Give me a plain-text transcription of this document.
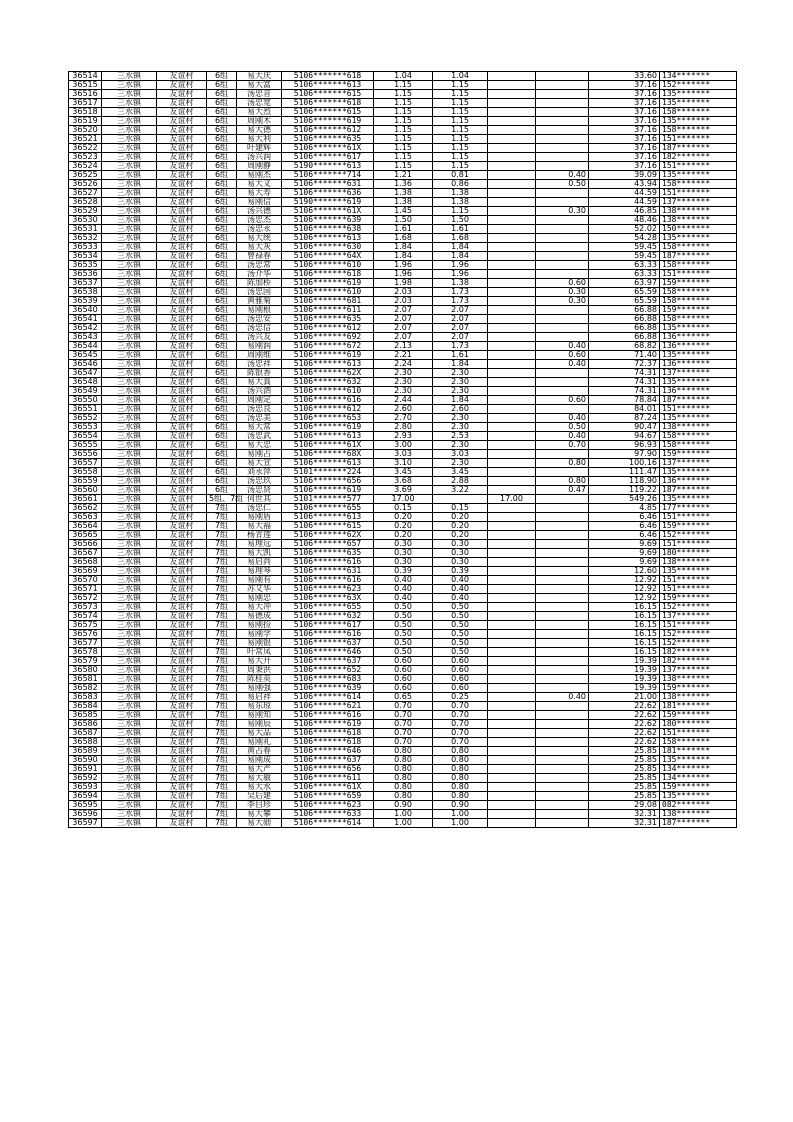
36514	三水镇	友谊村	6组	易大庆	5106*******618	1.04	1.04			33.60	134*******
36515	三水镇	友谊村	6组	易大富	5106*******613	1.15	1.15			37.16	152*******
36516	三水镇	友谊村	6组	汤忠音	5106*******615	1.15	1.15			37.16	135*******
36517	三水镇	友谊村	6组	汤忠宽	5106*******618	1.15	1.15			37.16	135*******
36518	三水镇	友谊村	6组	易大烈	5106*******615	1.15	1.15			37.16	158*******
36519	三水镇	友谊村	6组	周刚木	5106*******619	1.15	1.15			37.16	135*******
36520	三水镇	友谊村	6组	易大德	5106*******612	1.15	1.15			37.16	158*******
36521	三水镇	友谊村	6组	易大利	5106*******635	1.15	1.15			37.16	151*******
36522	三水镇	友谊村	6组	叶建辉	5106*******61X	1.15	1.15			37.16	187*******
36523	三水镇	友谊村	6组	汤兴润	5106*******617	1.15	1.15			37.16	182*******
36524	三水镇	友谊村	6组	周刚静	5190*******613	1.15	1.15			37.16	151*******
36525	三水镇	友谊村	6组	易刚杰	5106*******714	1.21	0.81		0.40	39.09	135*******
36526	三水镇	友谊村	6组	易大义	5106*******631	1.36	0.86		0.50	43.94	158*******
36527	三水镇	友谊村	6组	易大寿	5106*******636	1.38	1.38			44.59	151*******
36528	三水镇	友谊村	6组	易刚信	5190*******619	1.38	1.38			44.59	137*******
36529	三水镇	友谊村	6组	汤兴德	5106*******61X	1.45	1.15		0.30	46.85	138*******
36530	三水镇	友谊村	6组	汤忠杰	5106*******639	1.50	1.50			48.46	138*******
36531	三水镇	友谊村	6组	汤忠永	5106*******638	1.61	1.61			52.02	150*******
36532	三水镇	友谊村	6组	易大统	5106*******613	1.68	1.68			54.28	135*******
36533	三水镇	友谊村	6组	易大灰	5106*******630	1.84	1.84			59.45	158*******
36534	三水镇	友谊村	6组	曾禄春	5106*******64X	1.84	1.84			59.45	187*******
36535	三水镇	友谊村	6组	汤忠常	5106*******610	1.96	1.96			63.33	158*******
36536	三水镇	友谊村	6组	汤介华	5106*******618	1.96	1.96			63.33	151*******
36537	三水镇	友谊村	6组	陈加桥	5106*******619	1.98	1.38		0.60	63.97	159*******
36538	三水镇	友谊村	6组	汤忠国	5106*******610	2.03	1.73		0.30	65.59	158*******
36539	三水镇	友谊村	6组	黄雅菊	5106*******681	2.03	1.73		0.30	65.59	158*******
36540	三水镇	友谊村	6组	易刚根	5106*******611	2.07	2.07			66.88	159*******
36541	三水镇	友谊村	6组	汤忠安	5106*******635	2.07	2.07			66.88	158*******
36542	三水镇	友谊村	6组	汤忠信	5106*******612	2.07	2.07			66.88	135*******
36543	三水镇	友谊村	6组	汤兴友	5106*******692	2.07	2.07			66.88	136*******
36544	三水镇	友谊村	6组	易刚润	5106*******672	2.13	1.73		0.40	68.82	136*******
36545	三水镇	友谊村	6组	周刚维	5106*******619	2.21	1.61		0.60	71.40	135*******
36546	三水镇	友谊村	6组	汤忠祥	5106*******613	2.24	1.84		0.40	72.37	136*******
36547	三水镇	友谊村	6组	陈银香	5106*******62X	2.30	2.30			74.31	137*******
36548	三水镇	友谊村	6组	易大真	5106*******632	2.30	2.30			74.31	135*******
36549	三水镇	友谊村	6组	汤兴泗	5106*******610	2.30	2.30			74.31	136*******
36550	三水镇	友谊村	6组	周刚定	5106*******616	2.44	1.84		0.60	78.84	187*******
36551	三水镇	友谊村	6组	汤忠良	5106*******612	2.60	2.60			84.01	151*******
36552	三水镇	友谊村	6组	汤忠美	5106*******653	2.70	2.30		0.40	87.24	135*******
36553	三水镇	友谊村	6组	易大常	5106*******619	2.80	2.30		0.50	90.47	138*******
36554	三水镇	友谊村	6组	汤忠武	5106*******613	2.93	2.53		0.40	94.67	158*******
36555	三水镇	友谊村	6组	易大忠	5106*******61X	3.00	2.30		0.70	96.93	158*******
36556	三水镇	友谊村	6组	易刚占	5106*******68X	3.03	3.03			97.90	159*******
36557	三水镇	友谊村	6组	易大宣	5106*******613	3.10	2.30		0.80	100.16	137*******
36558	三水镇	友谊村	6组	刘永萍	5101*******224	3.45	3.45			111.47	135*******
36559	三水镇	友谊村	6组	汤忠玖	5106*******656	3.68	2.88		0.80	118.90	136*******
36560	三水镇	友谊村	6组	汤忠贤	5106*******619	3.69	3.22		0.47	119.22	187*******
36561	三水镇	友谊村	5组、7组	何世其	5101*******577	17.00		17.00		549.26	135*******
36562	三水镇	友谊村	7组	汤忠仁	5106*******655	0.15	0.15			4.85	177*******
36563	三水镇	友谊村	7组	易刚盾	5106*******613	0.20	0.20			6.46	151*******
36564	三水镇	友谊村	7组	易大福	5106*******615	0.20	0.20			6.46	159*******
36565	三水镇	友谊村	7组	杨青莲	5106*******62X	0.20	0.20			6.46	152*******
36566	三水镇	友谊村	7组	易理远	5106*******657	0.30	0.30			9.69	151*******
36567	三水镇	友谊村	7组	易大凯	5106*******635	0.30	0.30			9.69	180*******
36568	三水镇	友谊村	7组	易启尚	5106*******616	0.30	0.30			9.69	138*******
36569	三水镇	友谊村	7组	易理琴	5106*******631	0.39	0.39			12.60	135*******
36570	三水镇	友谊村	7组	易刚有	5106*******616	0.40	0.40			12.92	151*******
36571	三水镇	友谊村	7组	苏艾华	5106*******623	0.40	0.40			12.92	151*******
36572	三水镇	友谊村	7组	易刚忠	5106*******63X	0.40	0.40			12.92	159*******
36573	三水镇	友谊村	7组	易大冲	5106*******655	0.50	0.50			16.15	152*******
36574	三水镇	友谊村	7组	易德成	5106*******632	0.50	0.50			16.15	137*******
36575	三水镇	友谊村	7组	易刚捡	5106*******617	0.50	0.50			16.15	151*******
36576	三水镇	友谊村	7组	易刚学	5106*******616	0.50	0.50			16.15	152*******
36577	三水镇	友谊村	7组	易刚银	5106*******637	0.50	0.50			16.15	152*******
36578	三水镇	友谊村	7组	叶常凤	5106*******646	0.50	0.50			16.15	182*******
36579	三水镇	友谊村	7组	易大开	5106*******637	0.60	0.60			19.39	182*******
36580	三水镇	友谊村	7组	周秉洪	5106*******652	0.60	0.60			19.39	137*******
36581	三水镇	友谊村	7组	陈桂英	5106*******683	0.60	0.60			19.39	138*******
36582	三水镇	友谊村	7组	易刚强	5106*******639	0.60	0.60			19.39	159*******
36583	三水镇	友谊村	7组	易启祥	5106*******614	0.65	0.25		0.40	21.00	138*******
36584	三水镇	友谊村	7组	易东琼	5106*******621	0.70	0.70			22.62	181*******
36585	三水镇	友谊村	7组	易刚知	5106*******616	0.70	0.70			22.62	159*******
36586	三水镇	友谊村	7组	易刚辰	5106*******619	0.70	0.70			22.62	180*******
36587	三水镇	友谊村	7组	易大品	5106*******618	0.70	0.70			22.62	151*******
36588	三水镇	友谊村	7组	易刚礼	5106*******618	0.70	0.70			22.62	158*******
36589	三水镇	友谊村	7组	黄占春	5106*******646	0.80	0.80			25.85	181*******
36590	三水镇	友谊村	7组	易刚成	5106*******637	0.80	0.80			25.85	135*******
36591	三水镇	友谊村	7组	易大严	5106*******656	0.80	0.80			25.85	134*******
36592	三水镇	友谊村	7组	易大敏	5106*******611	0.80	0.80			25.85	134*******
36593	三水镇	友谊村	7组	易大水	5106*******61X	0.80	0.80			25.85	159*******
36594	三水镇	友谊村	7组	吴后建	5106*******659	0.80	0.80			25.85	135*******
36595	三水镇	友谊村	7组	李目珍	5106*******623	0.90	0.90			29.08	082*******
36596	三水镇	友谊村	7组	易大攀	5106*******633	1.00	1.00			32.31	138*******
36597	三水镇	友谊村	7组	易大勋	5106*******614	1.00	1.00			32.31	187*******
